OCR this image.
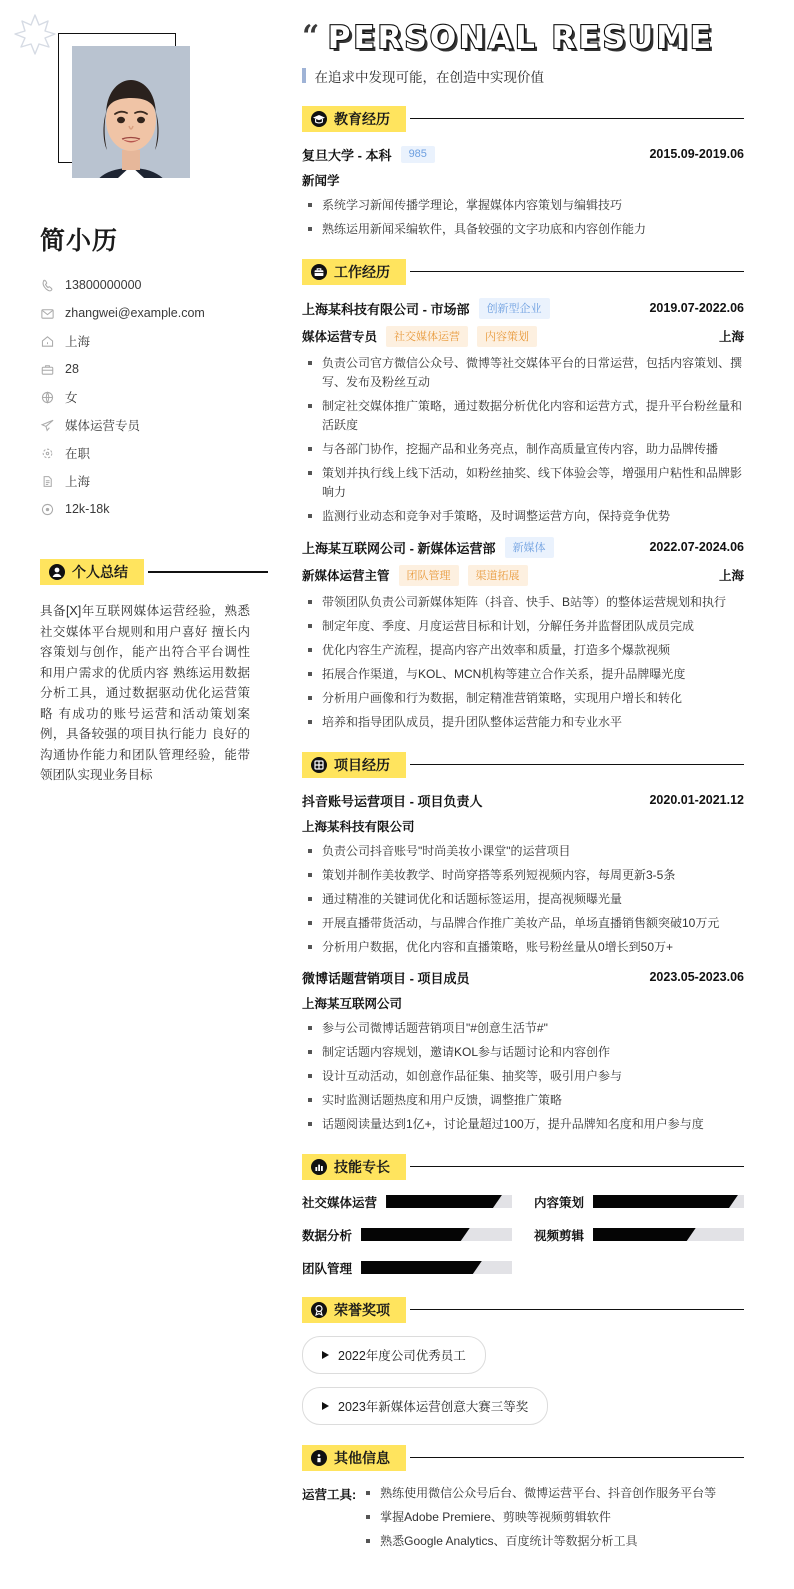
简小历
13800000000
zhangwei@example.com
上海
28
女
媒体运营专员
在职
上海
12k-18k
个人总结

具备[X]年互联网媒体运营经验，熟悉社交媒体平台规则和用户喜好 擅长内容策划与创作，能产出符合平台调性和用户需求的优质内容 熟练运用数据分析工具，通过数据驱动优化运营策略 有成功的账号运营和活动策划案例，具备较强的项目执行能力 良好的沟通协作能力和团队管理经验，能带领团队实现业务目标

“ PERSONAL RESUME
在追求中发现可能，在创造中实现价值
教育经历
复旦大学 - 本科	985	2015.09-2019.06
新闻学
系统学习新闻传播学理论，掌握媒体内容策划与编辑技巧
熟练运用新闻采编软件，具备较强的文字功底和内容创作能力
工作经历
上海某科技有限公司 - 市场部	创新型企业	2019.07-2022.06
媒体运营专员	社交媒体运营	内容策划	上海
负责公司官方微信公众号、微博等社交媒体平台的日常运营，包括内容策划、撰写、发布及粉丝互动
制定社交媒体推广策略，通过数据分析优化内容和运营方式，提升平台粉丝量和活跃度
与各部门协作，挖掘产品和业务亮点，制作高质量宣传内容，助力品牌传播
策划并执行线上线下活动，如粉丝抽奖、线下体验会等，增强用户粘性和品牌影响力
监测行业动态和竞争对手策略，及时调整运营方向，保持竞争优势
上海某互联网公司 - 新媒体运营部	新媒体	2022.07-2024.06
新媒体运营主管	团队管理	渠道拓展	上海
带领团队负责公司新媒体矩阵（抖音、快手、B站等）的整体运营规划和执行
制定年度、季度、月度运营目标和计划，分解任务并监督团队成员完成
优化内容生产流程，提高内容产出效率和质量，打造多个爆款视频
拓展合作渠道，与KOL、MCN机构等建立合作关系，提升品牌曝光度
分析用户画像和行为数据，制定精准营销策略，实现用户增长和转化
培养和指导团队成员，提升团队整体运营能力和专业水平
项目经历
抖音账号运营项目 - 项目负责人	2020.01-2021.12
上海某科技有限公司
负责公司抖音账号"时尚美妆小课堂"的运营项目
策划并制作美妆教学、时尚穿搭等系列短视频内容，每周更新3-5条
通过精准的关键词优化和话题标签运用，提高视频曝光量
开展直播带货活动，与品牌合作推广美妆产品，单场直播销售额突破10万元
分析用户数据，优化内容和直播策略，账号粉丝量从0增长到50万+
微博话题营销项目 - 项目成员	2023.05-2023.06
上海某互联网公司
参与公司微博话题营销项目"#创意生活节#"
制定话题内容规划，邀请KOL参与话题讨论和内容创作
设计互动活动，如创意作品征集、抽奖等，吸引用户参与
实时监测话题热度和用户反馈，调整推广策略
话题阅读量达到1亿+，讨论量超过100万，提升品牌知名度和用户参与度
技能专长
社交媒体运营	内容策划
数据分析	视频剪辑
团队管理
荣誉奖项
2022年度公司优秀员工
2023年新媒体运营创意大赛三等奖
其他信息
运营工具:	熟练使用微信公众号后台、微博运营平台、抖音创作服务平台等
掌握Adobe Premiere、剪映等视频剪辑软件
熟悉Google Analytics、百度统计等数据分析工具
